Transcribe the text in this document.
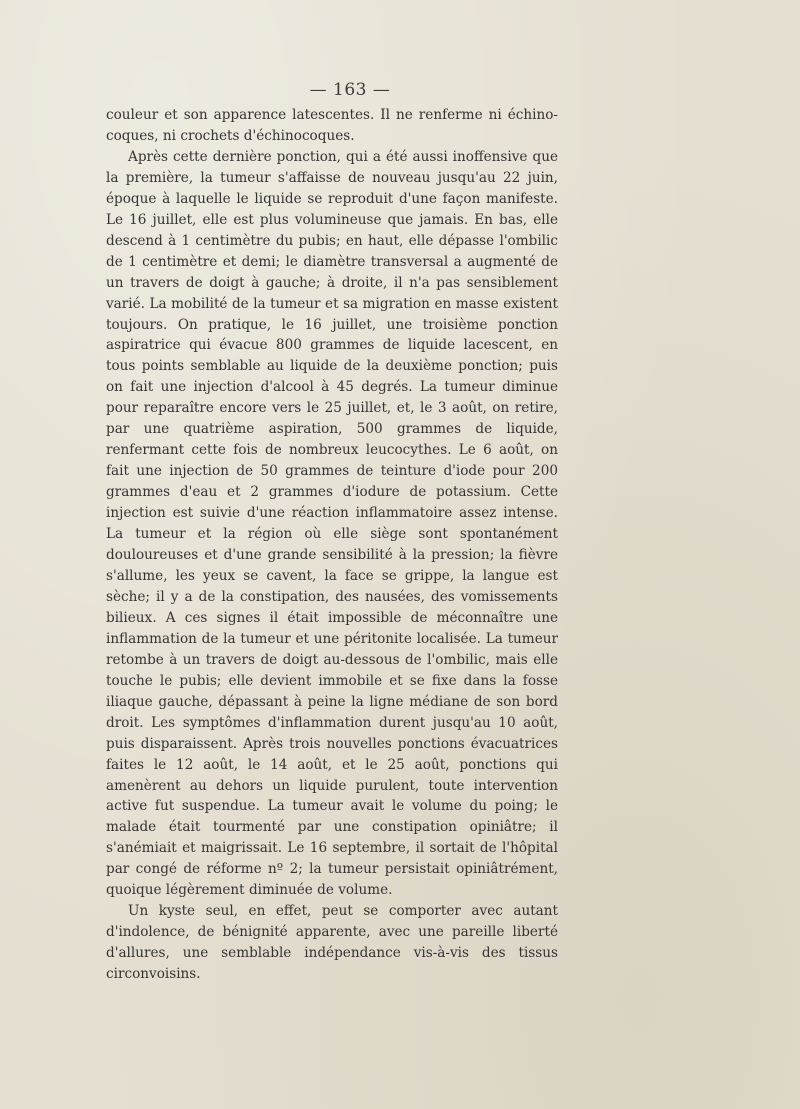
— 163 —

couleur et son apparence latescentes. Il ne renferme ni échino-coques, ni crochets d'échinocoques.

Après cette dernière ponction, qui a été aussi inoffensive que la première, la tumeur s'affaisse de nouveau jusqu'au 22 juin, époque à laquelle le liquide se reproduit d'une façon manifeste. Le 16 juillet, elle est plus volumineuse que jamais. En bas, elle descend à 1 centimètre du pubis; en haut, elle dépasse l'ombilic de 1 centimètre et demi; le diamètre transversal a augmenté de un travers de doigt à gauche; à droite, il n'a pas sensiblement varié. La mobilité de la tumeur et sa migration en masse existent toujours. On pratique, le 16 juillet, une troisième ponction aspiratrice qui évacue 800 grammes de liquide lacescent, en tous points semblable au liquide de la deuxième ponction; puis on fait une injection d'alcool à 45 degrés. La tumeur diminue pour reparaître encore vers le 25 juillet, et, le 3 août, on retire, par une quatrième aspiration, 500 grammes de liquide, renfermant cette fois de nombreux leucocythes. Le 6 août, on fait une injection de 50 grammes de teinture d'iode pour 200 grammes d'eau et 2 grammes d'iodure de potassium. Cette injection est suivie d'une réaction inflammatoire assez intense. La tumeur et la région où elle siège sont spontanément douloureuses et d'une grande sensibilité à la pression; la fièvre s'allume, les yeux se cavent, la face se grippe, la langue est sèche; il y a de la constipation, des nausées, des vomissements bilieux. A ces signes il était impossible de méconnaître une inflammation de la tumeur et une péritonite localisée. La tumeur retombe à un travers de doigt au-dessous de l'ombilic, mais elle touche le pubis; elle devient immobile et se fixe dans la fosse iliaque gauche, dépassant à peine la ligne médiane de son bord droit. Les symptômes d'inflammation durent jusqu'au 10 août, puis disparaissent. Après trois nouvelles ponctions évacuatrices faites le 12 août, le 14 août, et le 25 août, ponctions qui amenèrent au dehors un liquide purulent, toute intervention active fut suspendue. La tumeur avait le volume du poing; le malade était tourmenté par une constipation opiniâtre; il s'anémiait et maigrissait. Le 16 septembre, il sortait de l'hôpital par congé de réforme nº 2; la tumeur persistait opiniâtrément, quoique légèrement diminuée de volume.

Un kyste seul, en effet, peut se comporter avec autant d'indolence, de bénignité apparente, avec une pareille liberté d'allures, une semblable indépendance vis-à-vis des tissus circonvoisins.
